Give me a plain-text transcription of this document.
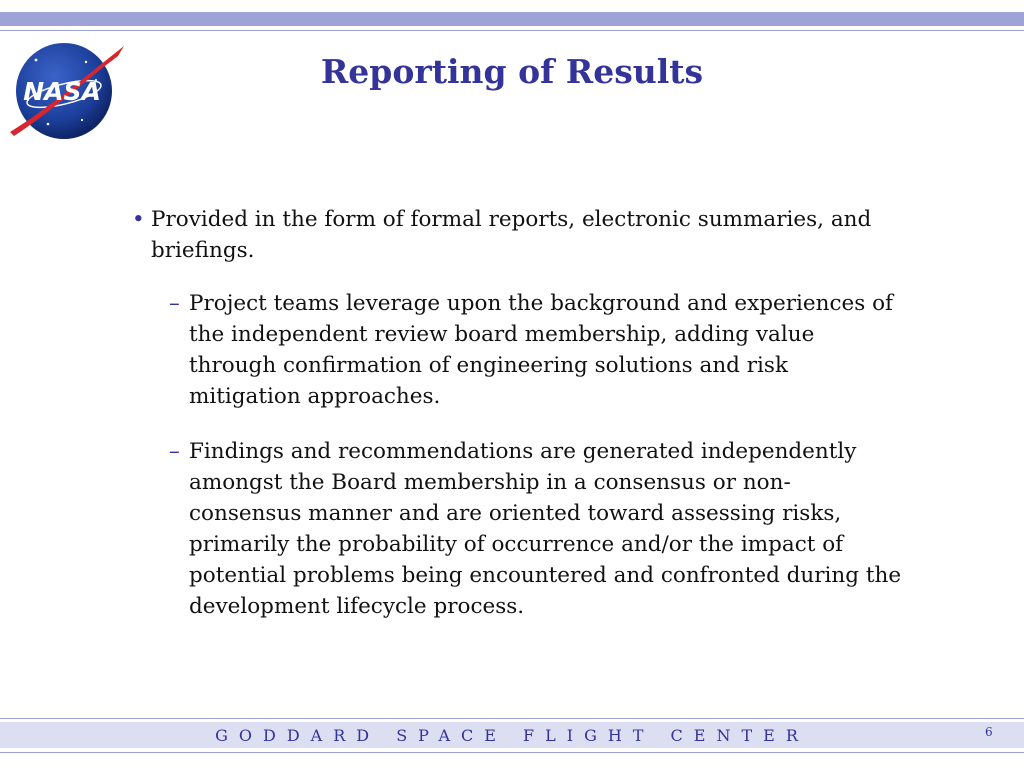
NASA
Reporting of Results
• Provided in the form of formal reports, electronic summaries, and briefings.
– Project teams leverage upon the background and experiences of the independent review board membership, adding value through confirmation of engineering solutions and risk mitigation approaches.
– Findings and recommendations are generated independently amongst the Board membership in a consensus or non-consensus manner and are oriented toward assessing risks, primarily the probability of occurrence and/or the impact of potential problems being encountered and confronted during the development lifecycle process.
GODDARD SPACE FLIGHT CENTER	6
